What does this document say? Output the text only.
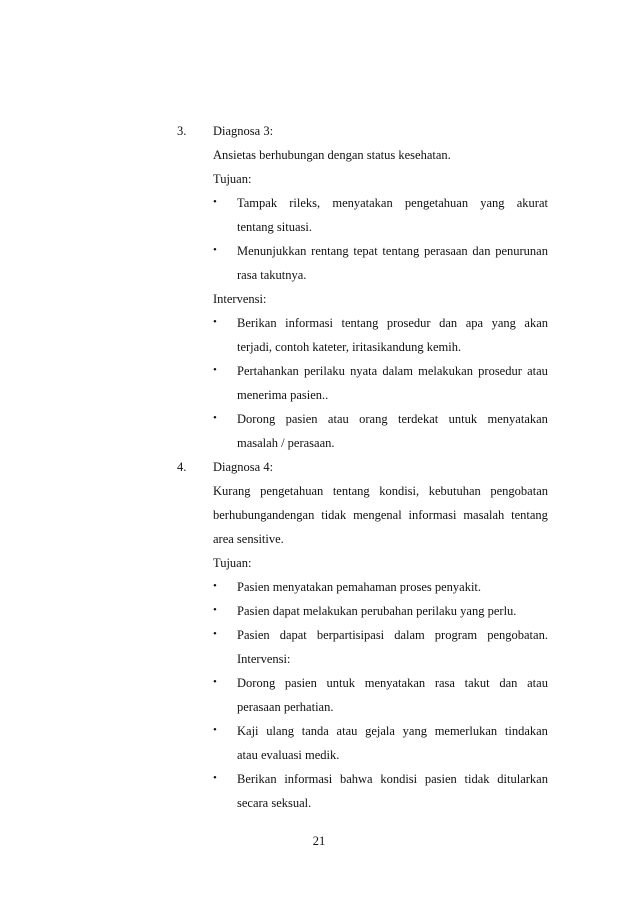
3. Diagnosa 3:
Ansietas berhubungan dengan status kesehatan.
Tujuan:
• Tampak rileks, menyatakan pengetahuan yang akurat
tentang situasi.
• Menunjukkan rentang tepat tentang perasaan dan penurunan
rasa takutnya.
Intervensi:
• Berikan informasi tentang prosedur dan apa yang akan
terjadi, contoh kateter, iritasikandung kemih.
• Pertahankan perilaku nyata dalam melakukan prosedur atau
menerima pasien..
• Dorong pasien atau orang terdekat untuk menyatakan
masalah / perasaan.
4. Diagnosa 4:
Kurang pengetahuan tentang kondisi, kebutuhan pengobatan
berhubungandengan tidak mengenal informasi masalah tentang
area sensitive.
Tujuan:
• Pasien menyatakan pemahaman proses penyakit.
• Pasien dapat melakukan perubahan perilaku yang perlu.
• Pasien dapat berpartisipasi dalam program pengobatan.
Intervensi:
• Dorong pasien untuk menyatakan rasa takut dan atau
perasaan perhatian.
• Kaji ulang tanda atau gejala yang memerlukan tindakan
atau evaluasi medik.
• Berikan informasi bahwa kondisi pasien tidak ditularkan
secara seksual.
21
